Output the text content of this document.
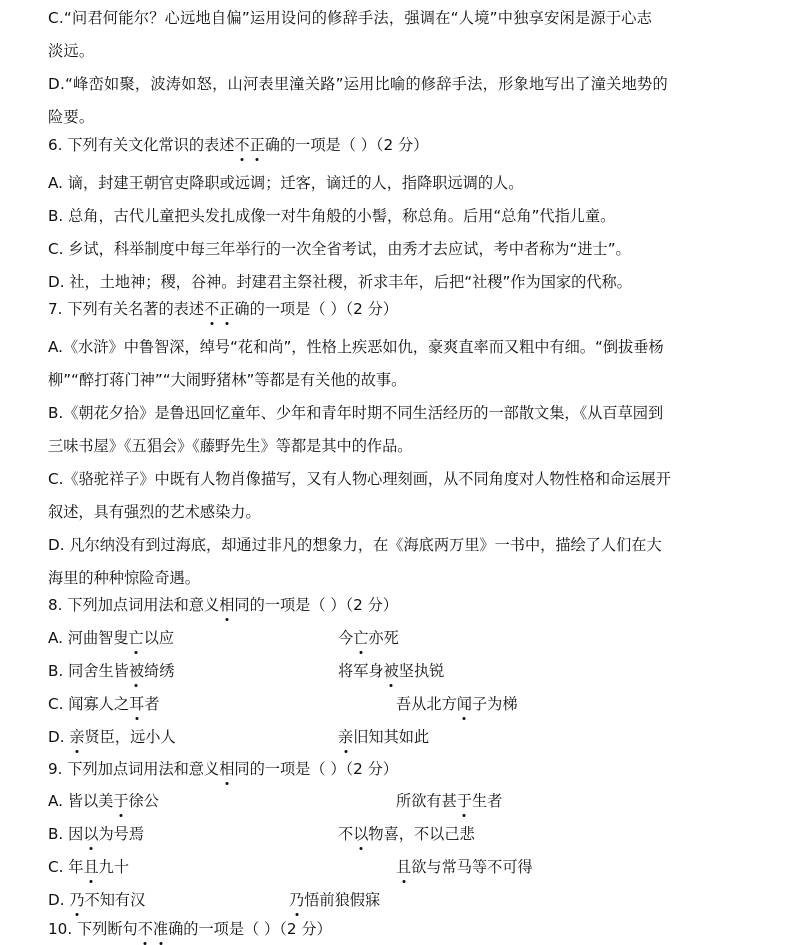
C.“问君何能尔？心远地自偏”运用设问的修辞手法，强调在“人境”中独享安闲是源于心志
淡远。
D.“峰峦如聚，波涛如怒，山河表里潼关路”运用比喻的修辞手法，形象地写出了潼关地势的
险要。
6. 下列有关文化常识的表述不正确的一项是（ ）（2 分）
A. 谪，封建王朝官吏降职或远调；迁客，谪迁的人，指降职远调的人。
B. 总角，古代儿童把头发扎成像一对牛角般的小髻，称总角。后用“总角”代指儿童。
C. 乡试，科举制度中每三年举行的一次全省考试，由秀才去应试，考中者称为“进士”。
D. 社，土地神；稷，谷神。封建君主祭社稷，祈求丰年，后把“社稷”作为国家的代称。
7. 下列有关名著的表述不正确的一项是（ ）（2 分）
A.《水浒》中鲁智深，绰号“花和尚”，性格上疾恶如仇，豪爽直率而又粗中有细。“倒拔垂杨
柳”“醉打蒋门神”“大闹野猪林”等都是有关他的故事。
B.《朝花夕拾》是鲁迅回忆童年、少年和青年时期不同生活经历的一部散文集，《从百草园到
三味书屋》《五猖会》《藤野先生》等都是其中的作品。
C.《骆驼祥子》中既有人物肖像描写，又有人物心理刻画，从不同角度对人物性格和命运展开
叙述，具有强烈的艺术感染力。
D. 凡尔纳没有到过海底，却通过非凡的想象力，在《海底两万里》一书中，描绘了人们在大
海里的种种惊险奇遇。
8. 下列加点词用法和意义相同的一项是（ ）（2 分）
A. 河曲智叟亡以应	今亡亦死
B. 同舍生皆被绮绣	将军身被坚执锐
C. 闻寡人之耳者	吾从北方闻子为梯
D. 亲贤臣，远小人	亲旧知其如此
9. 下列加点词用法和意义相同的一项是（ ）（2 分）
A. 皆以美于徐公	所欲有甚于生者
B. 因以为号焉	不以物喜，不以己悲
C. 年且九十	且欲与常马等不可得
D. 乃不知有汉	乃悟前狼假寐
10. 下列断句不准确的一项是（ ）（2 分）
